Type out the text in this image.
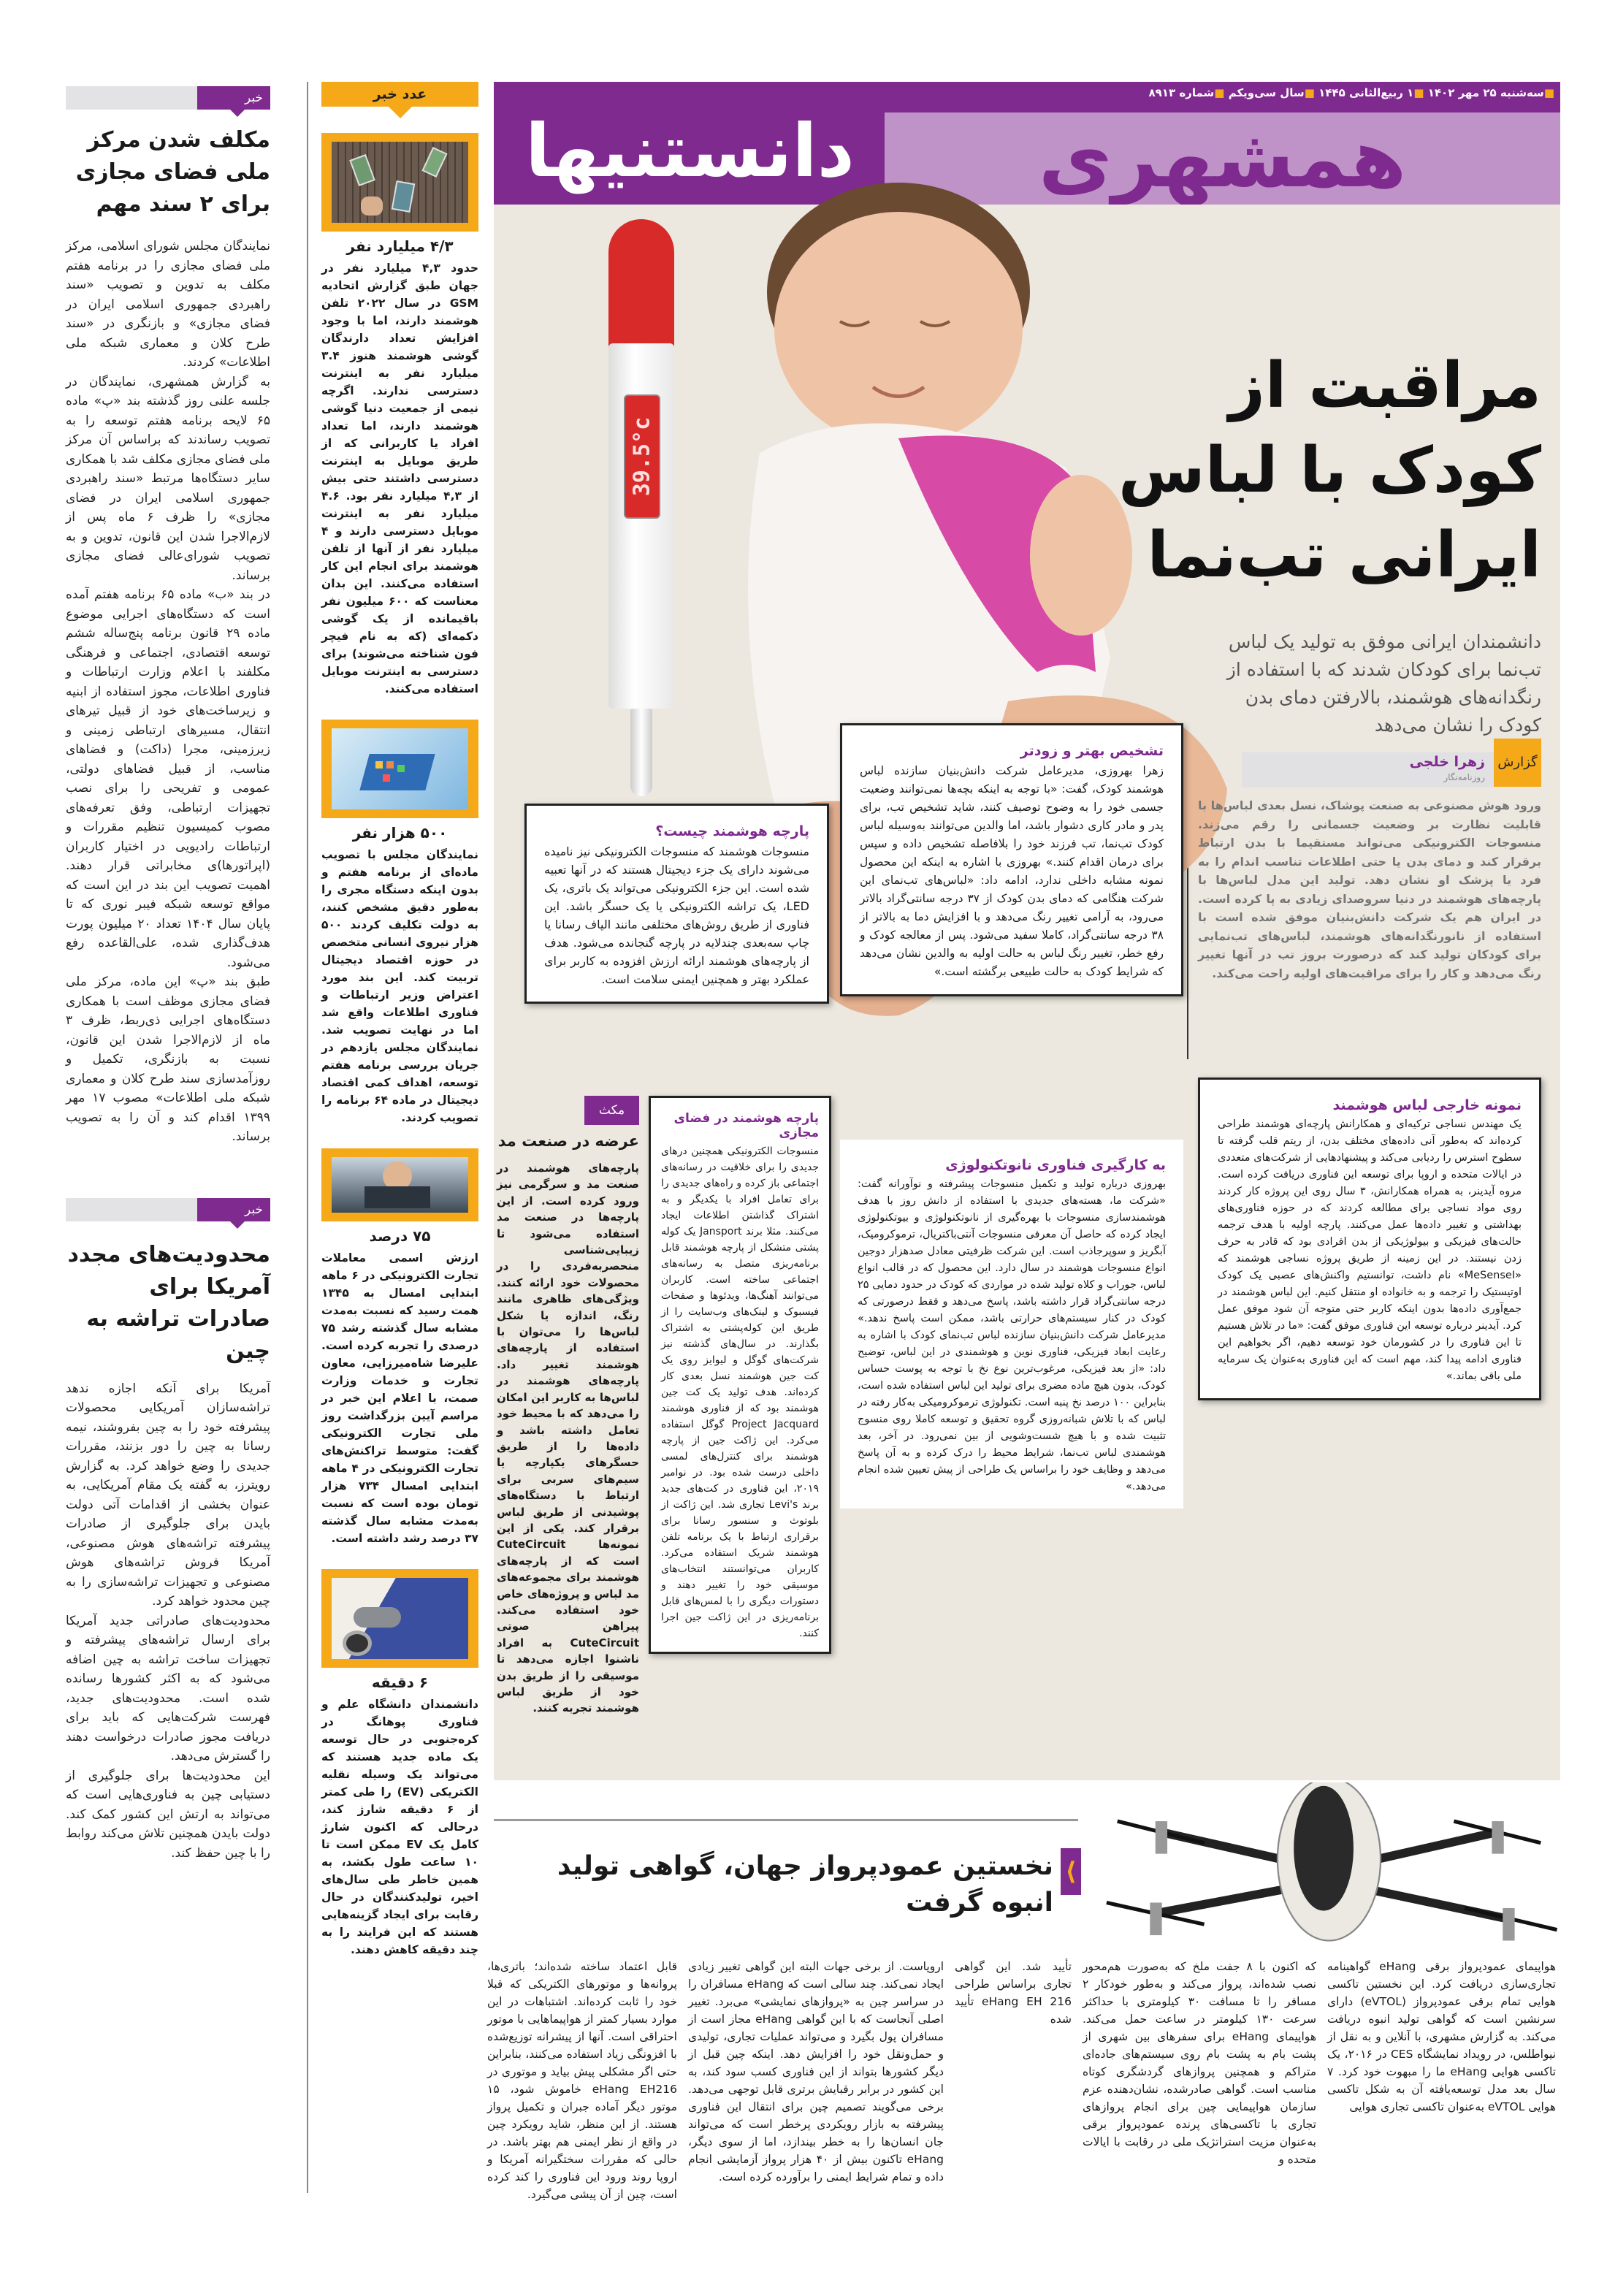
خبر
مکلف شدن مرکز ملی فضای مجازی برای ۲ سند مهم

نمایندگان مجلس شورای اسلامی، مرکز ملی فضای مجازی را در برنامه هفتم مکلف به تدوین و تصویب «سند راهبردی جمهوری اسلامی ایران در فضای مجازی» و بازنگری در «سند طرح کلان و معماری شبکه ملی اطلاعات» کردند.

به گزارش همشهری، نمایندگان در جلسه علنی روز گذشته بند «پ» ماده ۶۵ لایحه برنامه هفتم توسعه را به تصویب رساندند که براساس آن مرکز ملی فضای مجازی مکلف شد با همکاری سایر دستگاه‌ها مرتبط «سند راهبردی جمهوری اسلامی ایران در فضای مجازی» را ظرف ۶ ماه پس از لازم‌الاجرا شدن این قانون، تدوین و به تصویب شورای‌عالی فضای مجازی برساند.

در بند «ب» ماده ۶۵ برنامه هفتم آمده است که دستگاه‌های اجرایی موضوع ماده ۲۹ قانون برنامه پنج‌ساله ششم توسعه اقتصادی، اجتماعی و فرهنگی مکلفند با اعلام وزارت ارتباطات و فناوری اطلاعات، مجوز استفاده از ابنیه و زیرساخت‌های خود از قبیل تیرهای انتقال، مسیرهای ارتباطی زمینی و زیرزمینی، مجرا (داکت) و فضاهای مناسب، از قبیل فضاهای دولتی، عمومی و تفریحی را برای نصب تجهیزات ارتباطی، وفق تعرفه‌های مصوب کمیسیون تنظیم مقررات و ارتباطات رادیویی در اختیار کاربران (اپراتورها)ی مخابراتی قرار دهند. اهمیت تصویب این بند در این است که مواقع توسعه شبکه فیبر نوری که تا پایان سال ۱۴۰۴ تعداد ۲۰ میلیون پورت هدف‌گذاری شده، علی‌القاعده رفع می‌شود.

طبق بند «پ» این ماده، مرکز ملی فضای مجازی موظف است با همکاری دستگاه‌های اجرایی ذی‌ربط، ظرف ۳ ماه از لازم‌الاجرا شدن این قانون، نسبت به بازنگری، تکمیل و روزآمدسازی سند طرح کلان و معماری شبکه ملی اطلاعات» مصوب ۱۷ مهر ۱۳۹۹ اقدام کند و آن را به تصویب برساند.

خبر
محدودیت‌های مجدد آمریکا برای صادرات تراشه به چین

آمریکا برای آنکه اجازه ندهد تراشه‌سازان آمریکایی محصولات پیشرفته خود را به چین بفروشند، نیمه رسانا به چین را دور بزنند، مقررات جدیدی را وضع خواهد کرد. به گزارش رویترز، به گفته یک مقام آمریکایی، به عنوان بخشی از اقدامات آتی دولت بایدن برای جلوگیری از صادرات پیشرفته تراشه‌های هوش مصنوعی، آمریکا فروش تراشه‌های هوش مصنوعی و تجهیزات تراشه‌سازی را به چین محدود خواهد کرد.

محدودیت‌های صادراتی جدید آمریکا برای ارسال تراشه‌های پیشرفته و تجهیزات ساخت تراشه به چین اضافه می‌شود که به اکثر کشورها رسانده شده است. محدودیت‌های جدید، فهرست شرکت‌هایی که باید برای دریافت مجوز صادرات درخواست دهند را گسترش می‌دهد.

این محدودیت‌ها برای جلوگیری از دستیابی چین به فناوری‌هایی است که می‌تواند به ارتش این کشور کمک کند. دولت بایدن همچنین تلاش می‌کند روابط را با چین حفظ کند.

عدد خبر
۴/۳ میلیارد نفر
حدود ۴,۳ میلیارد نفر در جهان طبق گزارش اتحادیه GSM در سال ۲۰۲۲ تلفن هوشمند دارند، اما با وجود افزایش تعداد دارندگان گوشی هوشمند هنوز ۳.۴ میلیارد نفر به اینترنت دسترسی ندارند. اگرچه نیمی از جمعیت دنیا گوشی هوشمند دارند، اما تعداد افراد یا کاربرانی که از طریق موبایل به اینترنت دسترسی داشتند حتی بیش از ۴,۳ میلیارد نفر بود. ۴.۶ میلیارد نفر به اینترنت موبایل دسترسی دارند و ۴ میلیارد نفر از آنها از تلفن هوشمند برای انجام این کار استفاده می‌کنند. این بدان معناست که ۶۰۰ میلیون نفر باقیمانده از یک گوشی دکمه‌ای (که به نام فیچر فون شناخته می‌شوند) برای دسترسی به اینترنت موبایل استفاده می‌کنند.
۵۰۰ هزار نفر
نمایندگان مجلس با تصویب ماده‌ای از برنامه هفتم و بدون اینکه دستگاه مجری را به‌طور دقیق مشخص کنند، به دولت تکلیف کردند ۵۰۰ هزار نیروی انسانی متخصص در حوزه اقتصاد دیجیتال تربیت کند. این بند مورد اعتراض وزیر ارتباطات و فناوری اطلاعات واقع شد اما در نهایت تصویب شد. نمایندگان مجلس یازدهم در جریان بررسی برنامه هفتم توسعه، اهداف کمی اقتصاد دیجیتال در ماده ۶۴ برنامه را تصویب کردند.
۷۵ درصد
ارزش اسمی معاملات تجارت الکترونیکی در ۶ ماهه ابتدایی امسال به ۱۳۴۵ همت رسید که نسبت به‌مدت مشابه سال گذشته رشد ۷۵ درصدی را تجربه کرده است. علیرضا شاه‌میرزایی، معاون تجارت و خدمات وزارت صمت، با اعلام این خبر در مراسم آیین بزرگداشت روز ملی تجارت الکترونیکی گفت: متوسط تراکنش‌های تجارت الکترونیکی در ۴ ماهه ابتدایی امسال ۷۳۴ هزار تومان بوده است که نسبت به‌مدت مشابه سال گذشته ۳۷ درصد رشد داشته است.
۶ دقیقه
دانشمندان دانشگاه علم و فناوری پوهانگ در کره‌جنوبی در حال توسعه یک ماده جدید هستند که می‌تواند یک وسیله نقلیه الکتریکی (EV) را طی کمتر از ۶ دقیقه شارژ کند، درحالی که اکنون شارژ کامل یک EV ممکن است تا ۱۰ ساعت طول بکشد، به همین خاطر طی سال‌های اخیر، تولیدکنندگان در حال رقابت برای ایجاد گزینه‌هایی هستند که این فرایند را به چند دقیقه کاهش دهند.
■سه‌شنبه ۲۵ مهر ۱۴۰۲ ■۱ ربیع‌الثانی ۱۴۴۵ ■سال سی‌ویکم ■شماره ۸۹۱۳
همشهری
دانستنیها
39.5°c
مراقبت از
کودک با لباس
ایرانی تب‌نما
دانشمندان ایرانی موفق به تولید یک لباس تب‌نما برای کودکان شدند که با استفاده از رنگدانه‌های هوشمند، بالارفتن دمای بدن کودک را نشان می‌دهد
زهرا خلجی
روزنامه‌نگار
گزارش
ورود هوش مصنوعی به صنعت پوشاک، نسل بعدی لباس‌ها با قابلیت نظارت بر وضعیت جسمانی را رقم می‌زند. منسوجات الکترونیکی می‌تواند مستقیما با بدن ارتباط برقرار کند و دمای بدن یا حتی اطلاعات تناسب اندام را به فرد یا پزشک او نشان دهد. تولید این مدل لباس‌ها با پارچه‌های هوشمند در دنیا سروصدای زیادی به پا کرده است. در ایران هم یک شرکت دانش‌بنیان موفق شده است با استفاده از نانورنگدانه‌های هوشمند، لباس‌های تب‌نمایی برای کودکان تولید کند که درصورت بروز تب در آنها تغییر رنگ می‌دهد و کار را برای مراقبت‌های اولیه راحت می‌کند.
پارچه هوشمند چیست؟

منسوجات هوشمند که منسوجات الکترونیکی نیز نامیده می‌شوند دارای یک جزء دیجیتال هستند که در آنها تعبیه شده است. این جزء الکترونیکی می‌تواند یک باتری، یک LED، یک تراشه الکترونیکی یا یک حسگر باشد. این فناوری از طریق روش‌های مختلفی مانند الیاف رسانا یا چاپ سه‌بعدی چندلایه در پارچه گنجانده می‌شود. هدف از پارچه‌های هوشمند ارائه ارزش افزوده به کاربر برای عملکرد بهتر و همچنین ایمنی سلامت است.

تشخیص بهتر و زودتر

زهرا بهروزی، مدیرعامل شرکت دانش‌بنیان سازنده لباس هوشمند کودک، گفت: «با توجه به اینکه بچه‌ها نمی‌توانند وضعیت جسمی خود را به وضوح توصیف کنند، شاید تشخیص تب، برای پدر و مادر کاری دشوار باشد، اما والدین می‌توانند به‌وسیله لباس کودک تب‌نما، تب فرزند خود را بلافاصله تشخیص داده و سپس برای درمان اقدام کنند.» بهروزی با اشاره به اینکه این محصول نمونه مشابه داخلی ندارد، ادامه داد: «لباس‌های تب‌نمای این شرکت هنگامی که دمای بدن کودک از ۳۷ درجه سانتی‌گراد بالاتر می‌رود، به آرامی تغییر رنگ می‌دهد و با افزایش دما به بالاتر از ۳۸ درجه سانتی‌گراد، کاملا سفید می‌شود. پس از معالجه کودک و رفع خطر، تغییر رنگ لباس به حالت اولیه به والدین نشان می‌دهد که شرایط کودک به حالت طبیعی برگشته است.»

به کارگیری فناوری نانوتکنولوژی

بهروزی درباره تولید و تکمیل منسوجات پیشرفته و نوآورانه گفت: «شرکت ما، هسته‌های جدیدی با استفاده از دانش روز با هدف هوشمندسازی منسوجات با بهره‌گیری از نانوتکنولوژی و بیوتکنولوژی ایجاد کرده که حاصل آن معرفی منسوجات آنتی‌باکتریال، ترموکرومیک، آبگریز و سوپرجاذب است. این شرکت ظرفیتی معادل صدهزار دوجین انواع منسوجات هوشمند در سال دارد. این محصول که در قالب انواع لباس، جوراب و کلاه تولید شده در مواردی که کودک در حدود دمایی ۲۵ درجه سانتی‌گراد قرار داشته باشد، پاسخ می‌دهد و فقط درصورتی که کودک در کنار سیستم‌های حرارتی باشد، ممکن است پاسخ ندهد.» مدیرعامل شرکت دانش‌بنیان سازنده لباس تب‌نمای کودک با اشاره به رعایت ابعاد فیزیکی، فناوری نوین و هوشمندی در این لباس، توضیح داد: «از بعد فیزیکی، مرغوب‌ترین نوع نخ با توجه به پوست حساس کودک، بدون هیچ ماده مضری برای تولید این لباس استفاده شده است، بنابراین ۱۰۰ درصد نخ پنبه است. تکنولوژی ترموکرومیکی به‌کار رفته در لباس که با تلاش شبانه‌روزی گروه تحقیق و توسعه کاملا روی منسوج تثبیت شده و با هیچ شست‌وشویی از بین نمی‌رود. در آخر، بعد هوشمندی لباس تب‌نما، شرایط محیط را درک کرده و به آن پاسخ می‌دهد و وظایف خود را براساس یک طراحی از پیش تعیین شده انجام می‌دهد.»

نمونه خارجی لباس هوشمند

یک مهندس نساجی ترکیه‌ای و همکارانش پارچه‌ای هوشمند طراحی کرده‌اند که به‌طور آنی داده‌های مختلف بدن، از ریتم قلب گرفته تا سطوح استرس را ردیابی می‌کند و پیشنهادهایی از شرکت‌های متعددی در ایالات متحده و اروپا برای توسعه این فناوری دریافت کرده است. مروه آیدینر، به همراه همکارانش، ۳ سال روی این پروژه کار کردند روی مواد نساجی برای مطالعه کردند که در حوزه فناوری‌های بهداشتی و تغییر داده‌ها عمل می‌کنند. پارچه اولیه با هدف ترجمه حالت‌های فیزیکی و بیولوژیکی از بدن افرادی بود که قادر به حرف زدن نیستند. در این زمینه از طریق پروژه نساجی هوشمند که «MeSenseI» نام داشت، توانستیم واکنش‌های عصبی یک کودک اوتیستیک را ترجمه و به خانواده او منتقل کنیم. این لباس هوشمند در جمع‌آوری داده‌ها بدون اینکه کاربر حتی متوجه آن شود موفق عمل کرد. آیدینر درباره توسعه این فناوری موفق گفت: «ما در تلاش هستیم تا این فناوری را در کشورمان خود توسعه دهیم، اگر بخواهیم این فناوری ادامه پیدا کند، مهم است که این فناوری به‌عنوان یک سرمایه ملی باقی بماند.»

پارچه هوشمند در فضای مجازی

منسوجات الکترونیکی همچنین درهای جدیدی را برای خلاقیت در رسانه‌های اجتماعی باز کرده و راه‌های جدیدی را برای تعامل افراد با یکدیگر و به اشتراک گذاشتن اطلاعات ایجاد می‌کنند. مثلا برند Jansport یک کوله پشتی متشکل از پارچه هوشمند قابل برنامه‌ریزی متصل به رسانه‌های اجتماعی ساخته است. کاربران می‌توانند آهنگ‌ها، ویدئوها و صفحات فیسبوک و لینک‌های وب‌سایت را از طریق این کوله‌پشتی به اشتراک بگذارند. در سال‌های گذشته نیز شرکت‌های گوگل و لیوایز روی یک کت جین هوشمند نسل بعدی کار کرده‌اند. هدف تولید یک کت جین هوشمند بود که از فناوری هوشمند Project Jacquard گوگل استفاده می‌کرد. این ژاکت جین از پارچه هوشمند برای کنترل‌های لمسی داخلی درست شده بود. در نوامبر ۲۰۱۹، این فناوری در کت‌های جدید برند Levi's تجاری شد. این ژاکت از بلوتوث و سنسور رسانا برای برقراری ارتباط با یک برنامه تلفن هوشمند شریک استفاده می‌کرد. کاربران می‌توانستند انتخاب‌های موسیقی خود را تغییر دهند و دستورات دیگری را با لمس‌های قابل برنامه‌ریزی در این ژاکت جین اجرا کنند.

مکث
عرضه در صنعت مد
پارچه‌های هوشمند در صنعت مد و سرگرمی نیز ورود کرده است. از این پارچه‌ها در صنعت مد استفاده می‌شود تا زیبایی‌شناسی منحصربه‌فردی را در محصولات خود ارائه کنند. ویژگی‌های ظاهری مانند رنگ، اندازه یا شکل لباس‌ها را می‌توان با استفاده از پارچه‌های هوشمند تغییر داد. پارچه‌های هوشمند در لباس‌ها به کاربر این امکان را می‌دهد که با محیط خود تعامل داشته باشد و داده‌ها را از طریق حسگرهای یکپارچه یا سیم‌های سربی برای ارتباط با دستگاه‌های پوشیدنی از طریق لباس برقرار کند. یکی از این نمونه‌ها CuteCircuit است که از پارچه‌های هوشمند برای مجموعه‌های مد لباس و پروژه‌های خاص خود استفاده می‌کند. پیراهن صوتی CuteCircuit به افراد ناشنوا اجازه می‌دهد تا موسیقی را از طریق بدن خود از طریق لباس هوشمند تجربه کنند.
⟨
نخستین عمودپرواز جهان، گواهی تولید انبوه گرفت
هواپیمای عمودپرواز برقی eHang گواهینامه تجاری‌سازی دریافت کرد. این نخستین تاکسی هوایی تمام برقی عمودپرواز (eVTOL) دارای سرنشین است که گواهی تولید انبوه دریافت می‌کند. به گزارش مشهری، با آنلاین و به نقل از نیواطلس، در رویداد نمایشگاه CES در ۲۰۱۶، یک تاکسی هوایی eHang ما را مبهوت خود کرد. ۷ سال بعد مدل توسعه‌یافته آن به شکل تاکسی هوایی eVTOL به‌عنوان تاکسی تجاری هوایی
که اکنون با ۸ جفت ملخ که به‌صورت هم‌محور نصب شده‌اند، پرواز می‌کند و به‌طور خودکار ۲ مسافر را تا مسافت ۳۰ کیلومتری با حداکثر سرعت ۱۳۰ کیلومتر در ساعت حمل می‌کند. هواپیمای eHang برای سفرهای بین شهری از پشت بام به پشت بام روی سیستم‌های جاده‌ای متراکم و همچنین پروازهای گردشگری کوتاه مناسب است. گواهی صادرشده، نشان‌دهنده عزم سازمان هواپیمایی چین برای انجام پروازهای تجاری با تاکسی‌های پرنده عمودپرواز برقی به‌عنوان مزیت استراتژیک ملی در رقابت با ایالات متحده و
تأیید شد. این گواهی تجاری براساس طراحی eHang EH 216 تأیید شده
اروپاست. از برخی جهات البته این گواهی تغییر زیادی ایجاد نمی‌کند. چند سالی است که eHang مسافران را در سراسر چین به «پروازهای نمایشی» می‌برد. تغییر اصلی آنجاست که با این گواهی eHang مجاز است از مسافران پول بگیرد و می‌تواند عملیات تجاری، تولیدی و حمل‌ونقل خود را افزایش دهد. اینکه چین قبل از دیگر کشورها بتواند از این فناوری کسب سود کند، به این کشور در برابر رقبایش برتری قابل توجهی می‌دهد. برخی می‌گویند تصمیم چین برای انتقال این فناوری پیشرفته به بازار رویکردی پرخطر است که می‌تواند جان انسان‌ها را به خطر بیندازد، اما از سوی دیگر، eHang تاکنون بیش از ۴۰ هزار پرواز آزمایشی انجام داده و تمام شرایط ایمنی را برآورده کرده است.
قابل اعتماد ساخته شده‌اند؛ باتری‌ها، پروانه‌ها و موتورهای الکتریکی که قبلا خود را ثابت کرده‌اند. اشتباهات در این موارد بسیار کمتر از هواپیماهایی با موتور احتراقی است. آنها از پیشرانه توزیع‌شده با افزونگی زیاد استفاده می‌کنند، بنابراین حتی اگر مشکلی پیش بیاید و موتوری در eHang EH216 خاموش شود، ۱۵ موتور دیگر آماده جبران و تکمیل پرواز هستند. از این منظر، شاید رویکرد چین در واقع از نظر ایمنی هم بهتر باشد. در حالی که مقررات سختگیرانه آمریکا و اروپا روند ورود این فناوری را کند کرده است، چین از آن پیشی می‌گیرد.
